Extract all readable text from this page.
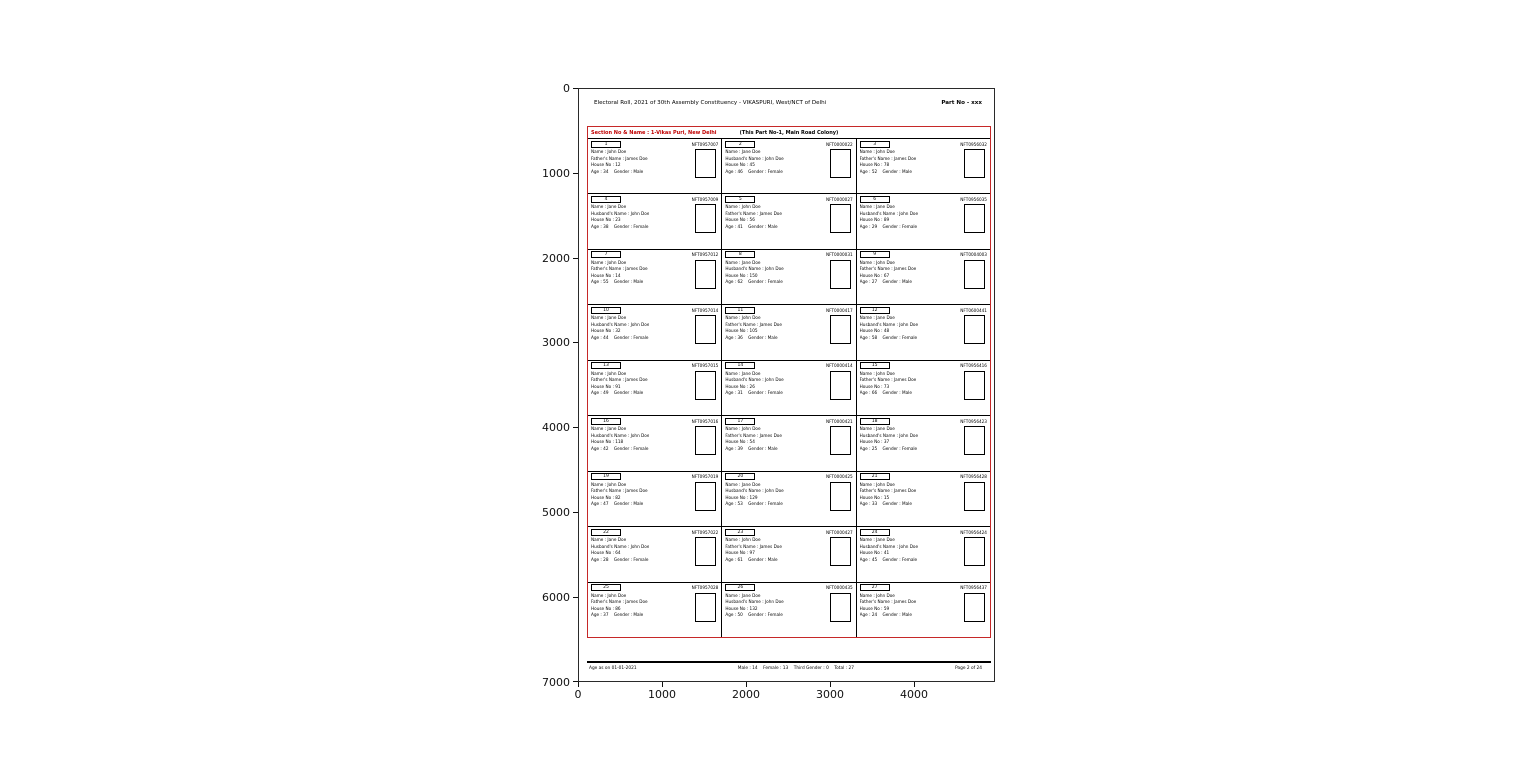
0
1000
2000
3000
4000
5000
6000
7000
0	1000	2000	3000	4000
Electoral Roll, 2021 of 30th Assembly Constituency - VIKASPURI, West/NCT of Delhi	Part No - xxx
(This Part No-1, Main Road Colony)
Section No & Name : 1-Vikas Puri, New Delhi
1	NFT0957007
Name : John Doe
Father's Name : James Doe
House No : 12
Age : 34    Gender : Male
2	NFT0000022
Name : Jane Doe
Husband's Name : John Doe
House No : 45
Age : 46    Gender : Female
3	NFT0956032
Name : John Doe
Father's Name : James Doe
House No : 78
Age : 52    Gender : Male
4	NFT0957009
Name : Jane Doe
Husband's Name : John Doe
House No : 23
Age : 38    Gender : Female
5	NFT0000027
Name : John Doe
Father's Name : James Doe
House No : 56
Age : 41    Gender : Male
6	NFT0956035
Name : Jane Doe
Husband's Name : John Doe
House No : 89
Age : 29    Gender : Female
7	NFT0957012
Name : John Doe
Father's Name : James Doe
House No : 14
Age : 55    Gender : Male
8	NFT0000031
Name : Jane Doe
Husband's Name : John Doe
House No : 150
Age : 62    Gender : Female
9	NFT0004003
Name : John Doe
Father's Name : James Doe
House No : 67
Age : 27    Gender : Male
10	NFT0957014
Name : Jane Doe
Husband's Name : John Doe
House No : 32
Age : 44    Gender : Female
11	NFT0000417
Name : John Doe
Father's Name : James Doe
House No : 105
Age : 36    Gender : Male
12	NFT0600441
Name : Jane Doe
Husband's Name : John Doe
House No : 48
Age : 58    Gender : Female
13	NFT0957015
Name : John Doe
Father's Name : James Doe
House No : 91
Age : 49    Gender : Male
14	NFT0000414
Name : Jane Doe
Husband's Name : John Doe
House No : 26
Age : 31    Gender : Female
15	NFT0956416
Name : John Doe
Father's Name : James Doe
House No : 73
Age : 66    Gender : Male
16	NFT0957016
Name : Jane Doe
Husband's Name : John Doe
House No : 118
Age : 42    Gender : Female
17	NFT0000421
Name : John Doe
Father's Name : James Doe
House No : 54
Age : 39    Gender : Male
18	NFT0956423
Name : Jane Doe
Husband's Name : John Doe
House No : 37
Age : 25    Gender : Female
19	NFT0957019
Name : John Doe
Father's Name : James Doe
House No : 82
Age : 47    Gender : Male
20	NFT0000425
Name : Jane Doe
Husband's Name : John Doe
House No : 129
Age : 53    Gender : Female
21	NFT0956428
Name : John Doe
Father's Name : James Doe
House No : 15
Age : 33    Gender : Male
22	NFT0957022
Name : Jane Doe
Husband's Name : John Doe
House No : 64
Age : 28    Gender : Female
23	NFT0000427
Name : John Doe
Father's Name : James Doe
House No : 97
Age : 61    Gender : Male
24	NFT0956424
Name : Jane Doe
Husband's Name : John Doe
House No : 41
Age : 45    Gender : Female
25	NFT0957028
Name : John Doe
Father's Name : James Doe
House No : 86
Age : 37    Gender : Male
26	NFT0000435
Name : Jane Doe
Husband's Name : John Doe
House No : 132
Age : 50    Gender : Female
27	NFT0956437
Name : John Doe
Father's Name : James Doe
House No : 59
Age : 24    Gender : Male
Age as on 01-01-2021	Male : 14    Female : 13    Third Gender : 0    Total : 27	Page 2 of 24
